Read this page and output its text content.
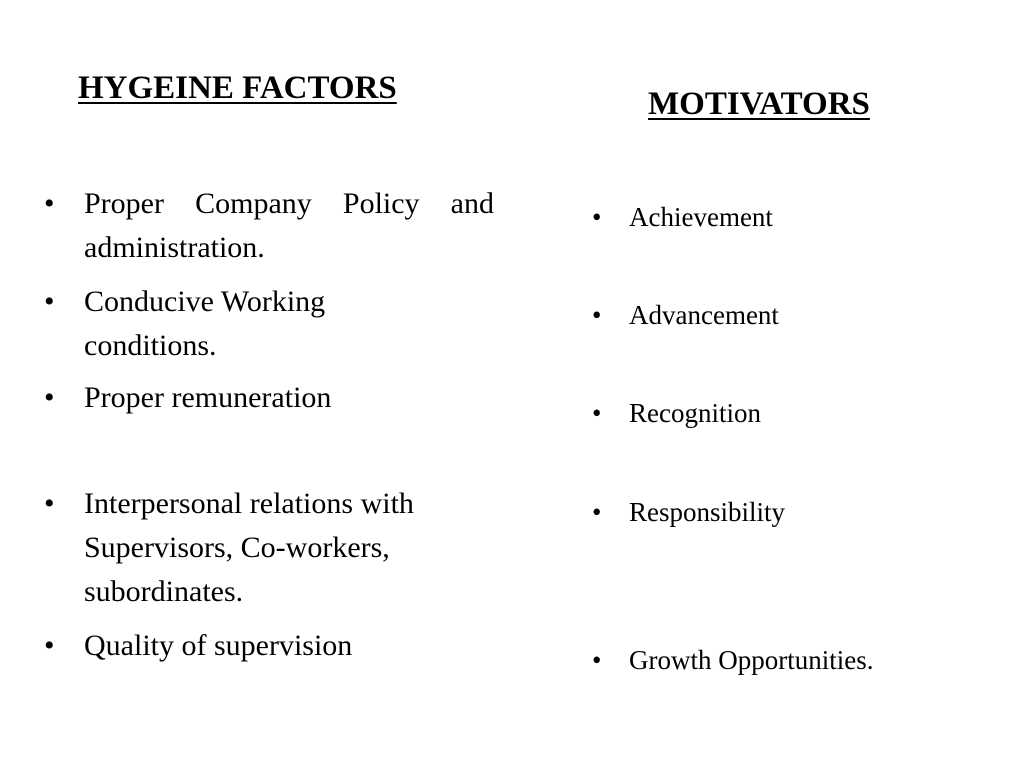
HYGEINE FACTORS	MOTIVATORS
• Proper Company Policy and administration.
• Conducive Working conditions.
• Proper remuneration
• Interpersonal relations with Supervisors, Co-workers, subordinates.
• Quality of supervision
•	Achievement
•	Advancement
•	Recognition
•	Responsibility
•	Growth Opportunities.
